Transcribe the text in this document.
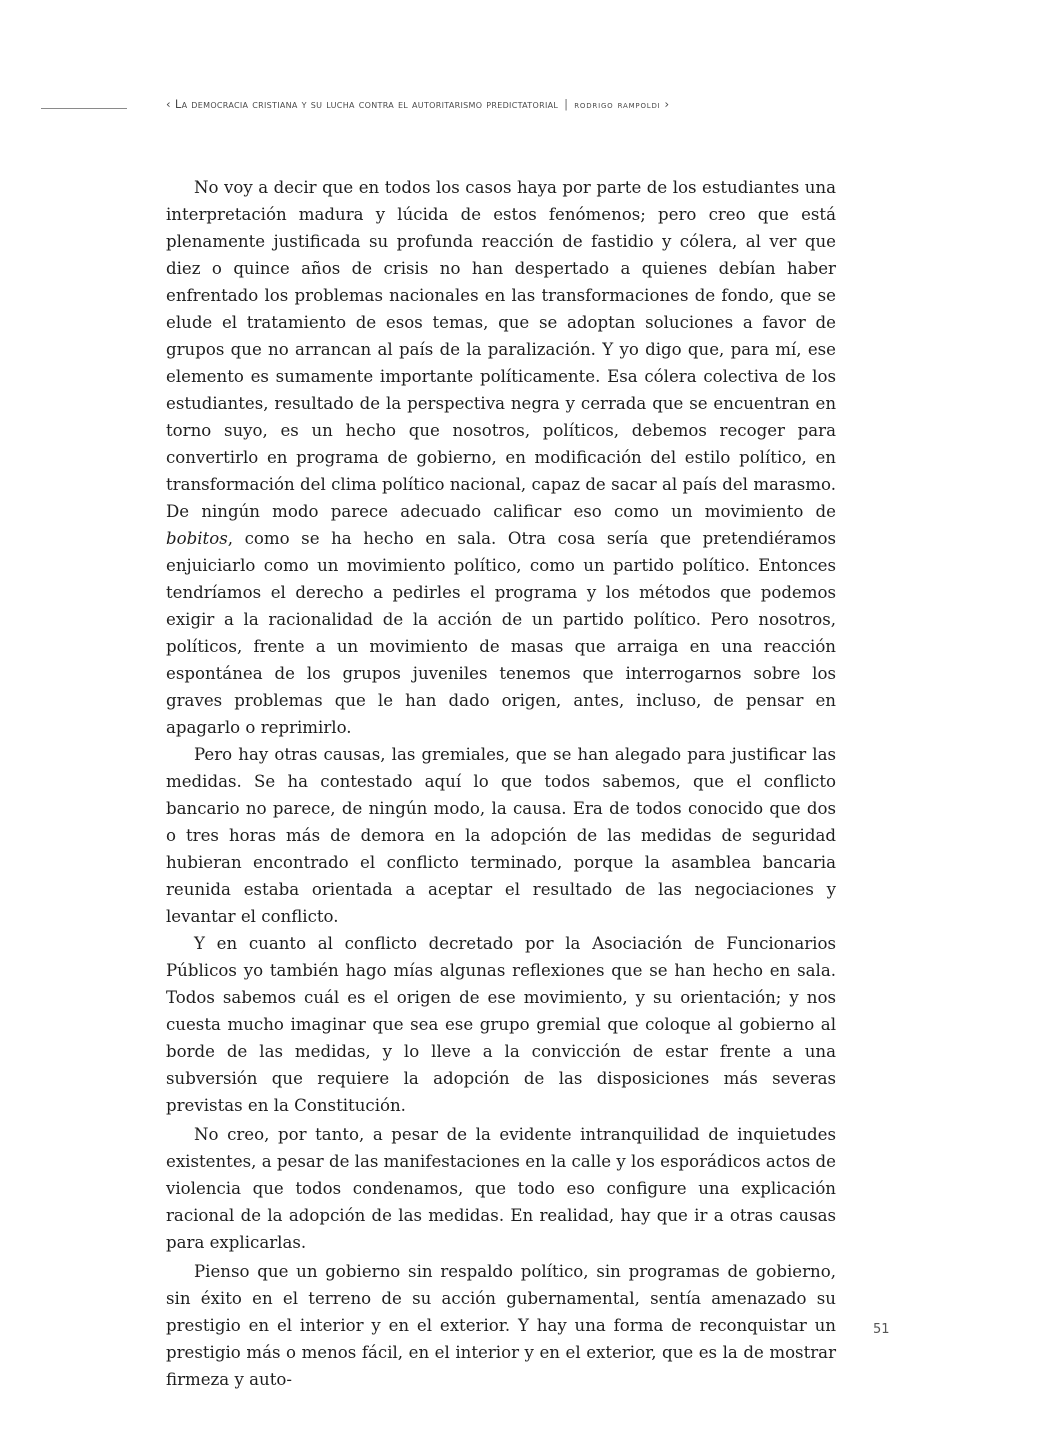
‹ La democracia cristiana y su lucha contra el autoritarismo predictatorial | rodrigo rampoldi ›

No voy a decir que en todos los casos haya por parte de los estudiantes una interpretación madura y lúcida de estos fenómenos; pero creo que está plenamente justificada su profunda reacción de fastidio y cólera, al ver que diez o quince años de crisis no han despertado a quienes debían haber enfrentado los problemas nacionales en las transformaciones de fondo, que se elude el tratamiento de esos temas, que se adoptan soluciones a favor de grupos que no arrancan al país de la paralización. Y yo digo que, para mí, ese elemento es sumamente importante políticamente. Esa cólera colectiva de los estudiantes, resultado de la perspectiva negra y cerrada que se encuentran en torno suyo, es un hecho que nosotros, políticos, debemos recoger para convertirlo en programa de gobierno, en modificación del estilo político, en transformación del clima político nacional, capaz de sacar al país del marasmo. De ningún modo parece adecuado calificar eso como un movimiento de bobitos, como se ha hecho en sala. Otra cosa sería que pretendiéramos enjuiciarlo como un movimiento político, como un partido político. Entonces tendríamos el derecho a pedirles el programa y los métodos que podemos exigir a la racionalidad de la acción de un partido político. Pero nosotros, políticos, frente a un movimiento de masas que arraiga en una reacción espontánea de los grupos juveniles tenemos que interrogarnos sobre los graves problemas que le han dado origen, antes, incluso, de pensar en apagarlo o reprimirlo.

Pero hay otras causas, las gremiales, que se han alegado para justificar las medidas. Se ha contestado aquí lo que todos sabemos, que el conflicto bancario no parece, de ningún modo, la causa. Era de todos conocido que dos o tres horas más de demora en la adopción de las medidas de seguridad hubieran encontrado el conflicto terminado, porque la asamblea bancaria reunida estaba orientada a aceptar el resultado de las negociaciones y levantar el conflicto.

Y en cuanto al conflicto decretado por la Asociación de Funcionarios Públicos yo también hago mías algunas reflexiones que se han hecho en sala. Todos sabemos cuál es el origen de ese movimiento, y su orientación; y nos cuesta mucho imaginar que sea ese grupo gremial que coloque al gobierno al borde de las medidas, y lo lleve a la convicción de estar frente a una subversión que requiere la adopción de las disposiciones más severas previstas en la Constitución.

No creo, por tanto, a pesar de la evidente intranquilidad de inquietudes existentes, a pesar de las manifestaciones en la calle y los esporádicos actos de violencia que todos condenamos, que todo eso configure una explicación racional de la adopción de las medidas. En realidad, hay que ir a otras causas para explicarlas.

Pienso que un gobierno sin respaldo político, sin programas de gobierno, sin éxito en el terreno de su acción gubernamental, sentía amenazado su prestigio en el interior y en el exterior. Y hay una forma de reconquistar un prestigio más o menos fácil, en el interior y en el exterior, que es la de mostrar firmeza y auto-

51
